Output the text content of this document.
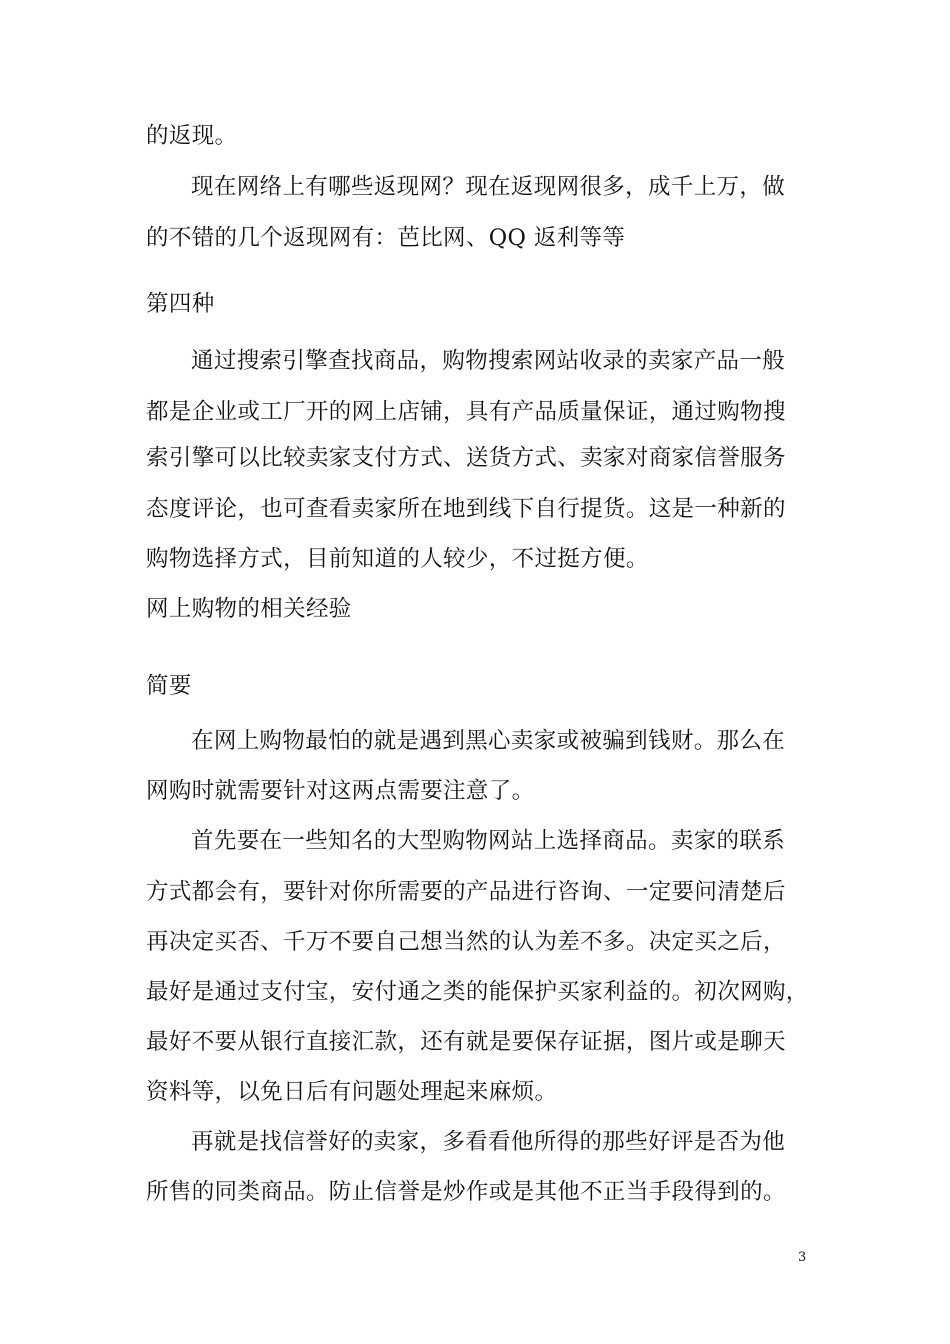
的返现。
现在网络上有哪些返现网？现在返现网很多，成千上万，做
的不错的几个返现网有：芭比网、QQ 返利等等
第四种
通过搜索引擎查找商品，购物搜索网站收录的卖家产品一般
都是企业或工厂开的网上店铺，具有产品质量保证，通过购物搜
索引擎可以比较卖家支付方式、送货方式、卖家对商家信誉服务
态度评论，也可查看卖家所在地到线下自行提货。这是一种新的
购物选择方式，目前知道的人较少，不过挺方便。
网上购物的相关经验
简要
在网上购物最怕的就是遇到黑心卖家或被骗到钱财。那么在
网购时就需要针对这两点需要注意了。
首先要在一些知名的大型购物网站上选择商品。卖家的联系
方式都会有，要针对你所需要的产品进行咨询、一定要问清楚后
再决定买否、千万不要自己想当然的认为差不多。决定买之后，
最好是通过支付宝，安付通之类的能保护买家利益的。初次网购，
最好不要从银行直接汇款，还有就是要保存证据，图片或是聊天
资料等，以免日后有问题处理起来麻烦。
再就是找信誉好的卖家，多看看他所得的那些好评是否为他
所售的同类商品。防止信誉是炒作或是其他不正当手段得到的。
3
